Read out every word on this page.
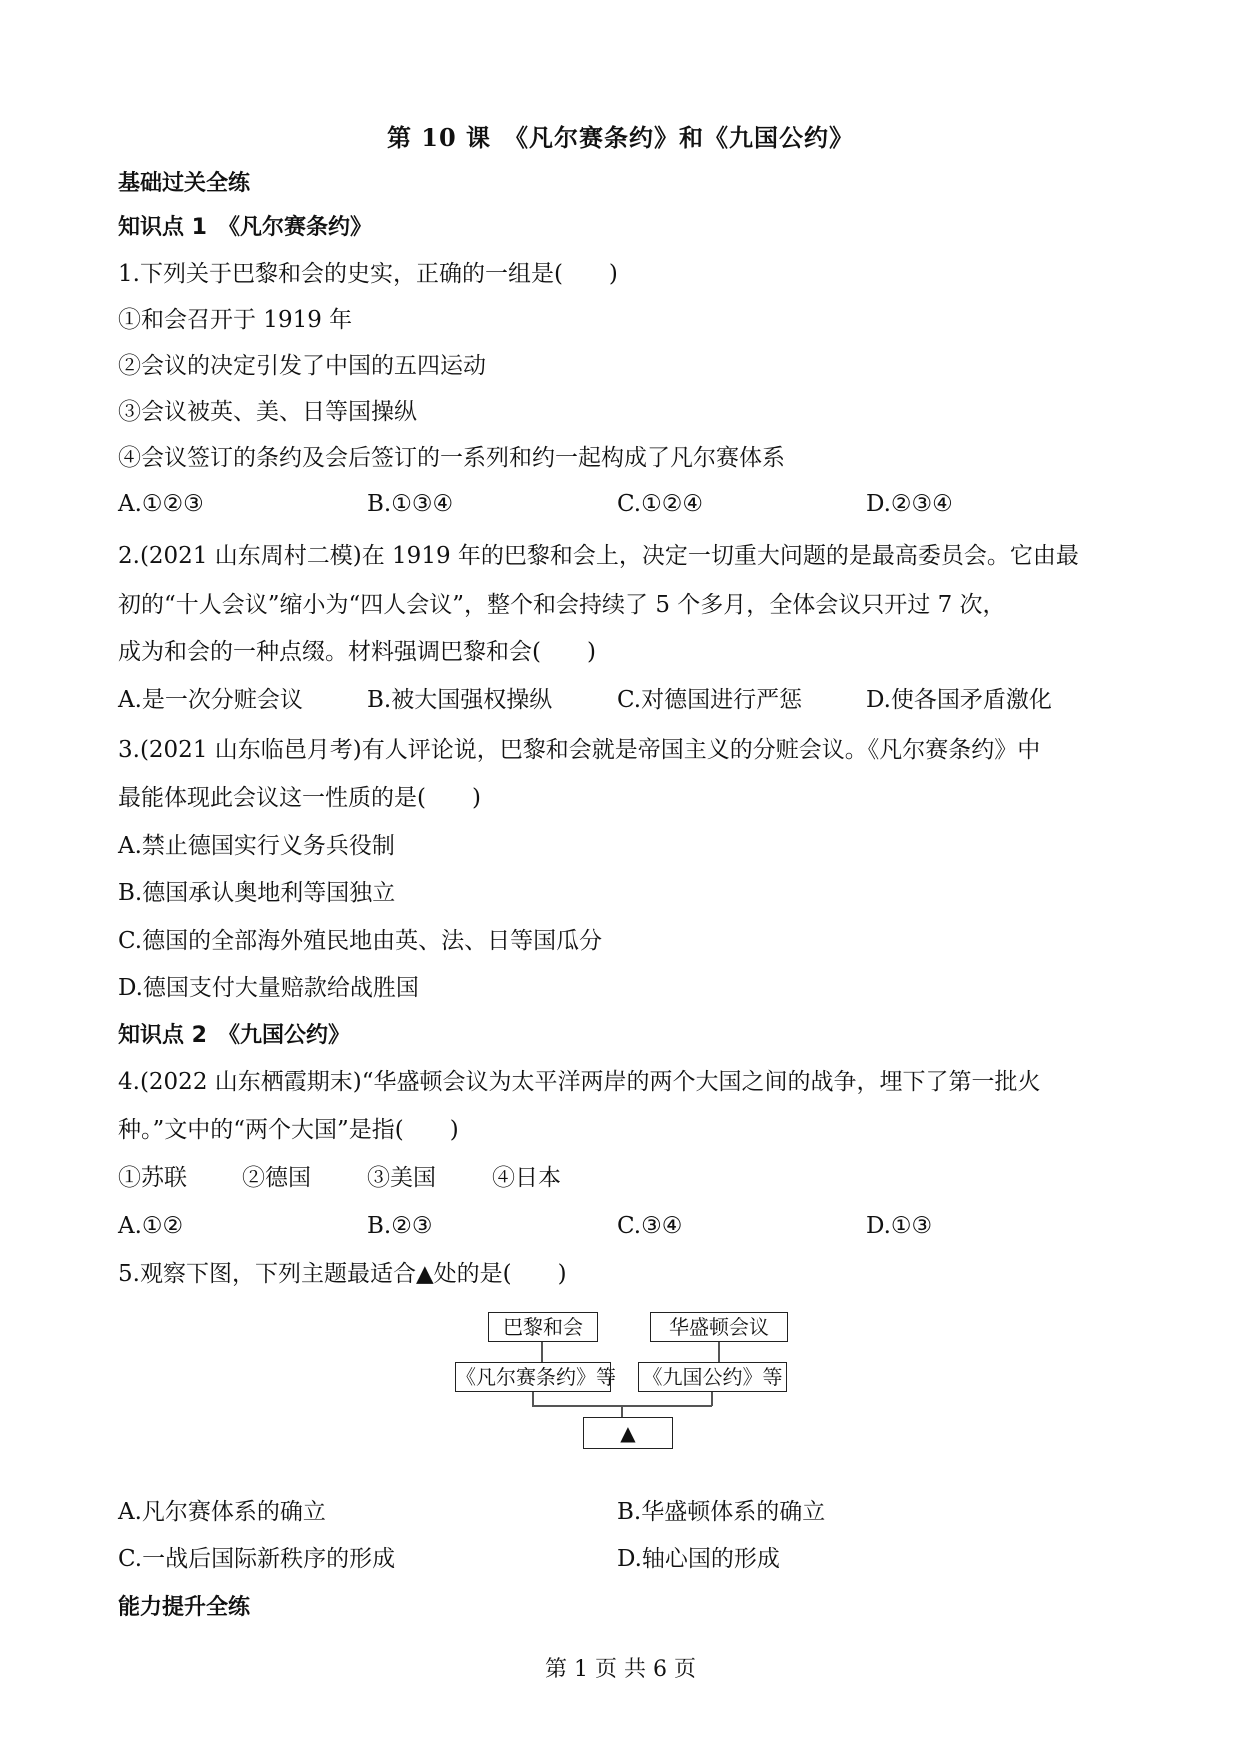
第 10 课　《凡尔赛条约》和《九国公约》
基础过关全练
知识点 1　《凡尔赛条约》
1.下列关于巴黎和会的史实，正确的一组是(　　)
①和会召开于 1919 年
②会议的决定引发了中国的五四运动
③会议被英、美、日等国操纵
④会议签订的条约及会后签订的一系列和约一起构成了凡尔赛体系
A.①②③	B.①③④	C.①②④	D.②③④
2.(2021 山东周村二模)在 1919 年的巴黎和会上，决定一切重大问题的是最高委员会。它由最
初的“十人会议”缩小为“四人会议”，整个和会持续了 5 个多月，全体会议只开过 7 次，
成为和会的一种点缀。材料强调巴黎和会(　　)
A.是一次分赃会议	B.被大国强权操纵	C.对德国进行严惩	D.使各国矛盾激化
3.(2021 山东临邑月考)有人评论说，巴黎和会就是帝国主义的分赃会议。《凡尔赛条约》中
最能体现此会议这一性质的是(　　)
A.禁止德国实行义务兵役制
B.德国承认奥地利等国独立
C.德国的全部海外殖民地由英、法、日等国瓜分
D.德国支付大量赔款给战胜国
知识点 2　《九国公约》
4.(2022 山东栖霞期末)“华盛顿会议为太平洋两岸的两个大国之间的战争，埋下了第一批火
种。”文中的“两个大国”是指(　　)
①苏联 ②德国 ③美国 ④日本
A.①②	B.②③	C.③④	D.①③
5.观察下图，下列主题最适合▲处的是(　　)
巴黎和会	华盛顿会议
《凡尔赛条约》等 《九国公约》等
▲
A.凡尔赛体系的确立	B.华盛顿体系的确立
C.一战后国际新秩序的形成	D.轴心国的形成
能力提升全练
第 1 页 共 6 页
